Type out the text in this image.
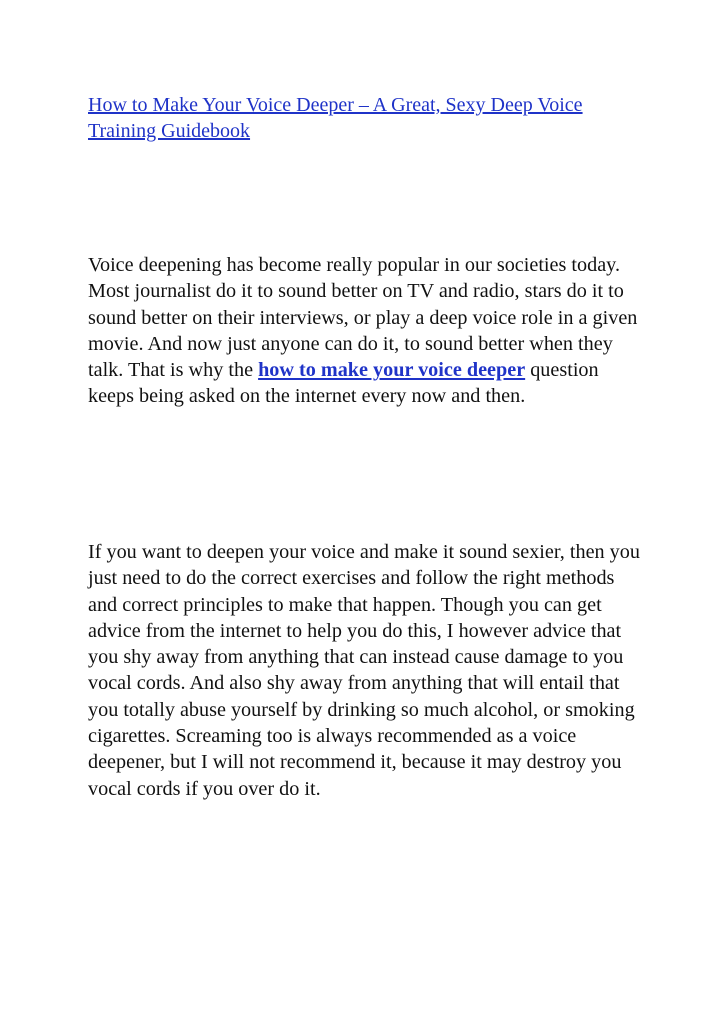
How to Make Your Voice Deeper – A Great, Sexy Deep Voice Training Guidebook

Voice deepening has become really popular in our societies today. Most journalist do it to sound better on TV and radio, stars do it to sound better on their interviews, or play a deep voice role in a given movie. And now just anyone can do it, to sound better when they talk. That is why the how to make your voice deeper question keeps being asked on the internet every now and then.

If you want to deepen your voice and make it sound sexier, then you just need to do the correct exercises and follow the right methods and correct principles to make that happen. Though you can get advice from the internet to help you do this, I however advice that you shy away from anything that can instead cause damage to you vocal cords. And also shy away from anything that will entail that you totally abuse yourself by drinking so much alcohol, or smoking cigarettes. Screaming too is always recommended as a voice deepener, but I will not recommend it, because it may destroy you vocal cords if you over do it.
